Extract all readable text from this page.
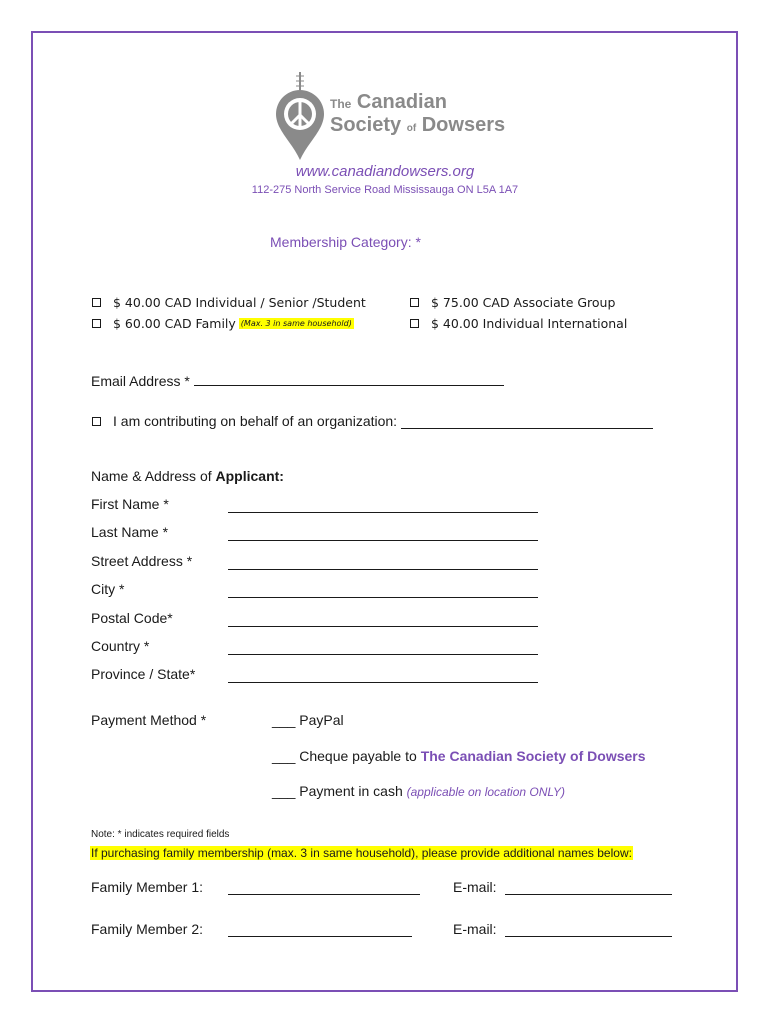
The Canadian
Society of Dowsers
www.canadiandowsers.org
112-275 North Service Road Mississauga ON L5A 1A7
Membership Category: *
$ 40.00 CAD Individual / Senior /Student
$ 60.00 CAD Family (Max. 3 in same household)
$ 75.00 CAD Associate Group
$ 40.00 Individual International
Email Address *
I am contributing on behalf of an organization:
Name & Address of Applicant:
First Name *
Last Name *
Street Address *
City *
Postal Code*
Country *
Province / State*
Payment Method *	___ PayPal
___ Cheque payable to The Canadian Society of Dowsers
___ Payment in cash (applicable on location ONLY)
Note: * indicates required fields
If purchasing family membership (max. 3 in same household), please provide additional names below:
Family Member 1:	E-mail:
Family Member 2:	E-mail:
